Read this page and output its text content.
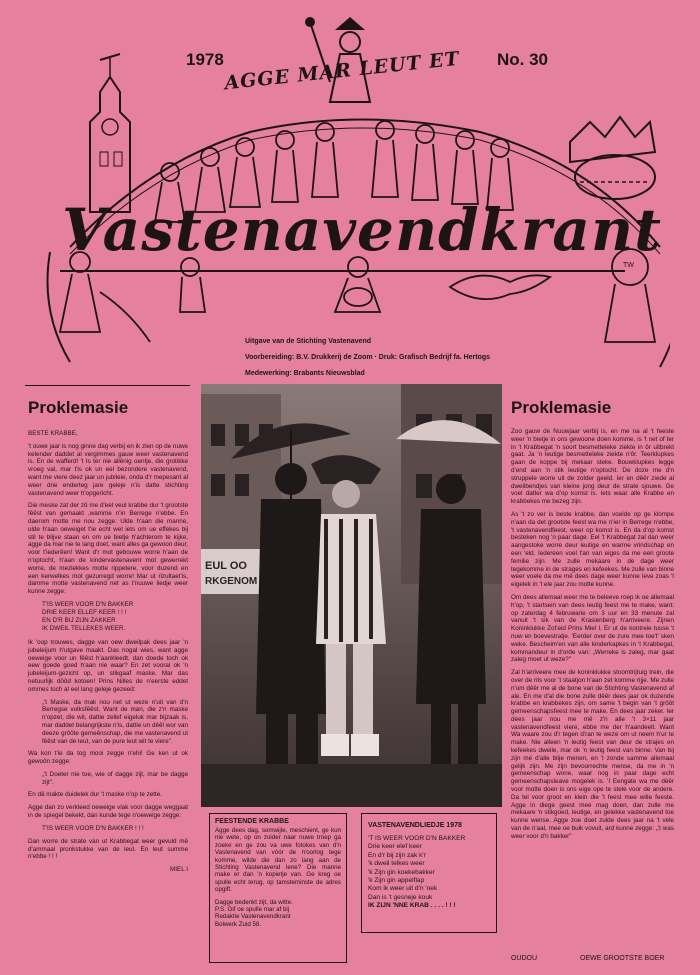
1978	No. 30
AGGE MAR LEUT ET
Vastenavendkrant
TW
Uitgave van de Stichting Vastenavend
Voorbereiding: B.V. Drukkerij de Zoom · Druk: Grafisch Bedrijf fa. Hertogs
Medewerking: Brabants Nieuwsblad
Proklemasie

BESTE KRABBE,

't ouwe jaar is nog ginne dag verbij en ik zien op de nuwe kelender daddet al vergimmes gauw weer vastenavend is. En de wafferd! 't Is ter nie allênig oentje, die grotikke vroeg val, mar t'is ok un eel bezondere vastenavend, want me viere deez jaar un jubileie, onda d'r mepesant al weer drie enderteg jare geleje n'is datte stichting vastenavend weer h'opgericht.

Die meske zat der zô me d'eel veul krabbe dur 't grootste fêêst van gemaakt ,wamme n'in Berrege n'ebbe. En daerom motte me nou zegge: Ulde h'aan die manne, ulde h'aan oeweiget t'ie echt wel iets om ue effekes bij stil te blijve staan en om ue bietje h'achterom te kijke, agge da mar nie te lang doet, want alles ga gewoon deur, voor t'iederêen! Want d'r mot gebouwe worre h'aan de n'optocht, h'aan de kindervastenavent mot gewerrekt worre, de meziekkes motte rippetere, voor duzend en een kerwelkes mot gezurregd worre! Mar ut rizultaet'is, damme motte vastenavend net as t'nuuwe liedje weer kunne zegge:

T'IS WEER VOOR D'N BAKKER

DRIE KEER ELLEF KEER ! ! !

EN D'R BIJ ZIJN ZAKKER

IK DWEIL TELLEKES WEER.

Ik 'oop trouwes, dagge van oew dweilpak dees jaar 'n jubeleijum h'utgave maakt. Das nogal wies, want agge oeweige voor un fêêst h'aankleedt, dan doede toch ok eew goede goed h'aan nie waar? En zet vooral ok 'n jubeleijum-gezicht op, un stikgaaf maske. Mar das netuurlijk dôôd kotoen! Prins Nilles de n'eerste eddet ommes toch al eel lang geleje gezeed:

„'t Maske, da mak nou net ut weze n'uit van d'n Berregse volksfêêst. Want de man, die z'n maske n'opzet, die wit, dattie zellef eigeluk mar bijzaak is, mar daddet belangrijkste n'is, dattie un dêêl wor van deeze grôôte gemeênschap, die me vastenavend ut fêêst van de leut, van de pure leut wit te viere".

Wa kon t'ie da tog mooi zegge n'ehi! Ge ken ut ok gewoôn zegge:

„'t Doeter nie toe, wie of dagge zijt, mar be dagge zijt".

En dâ makte duidelek dur 't maske n'op te zette.

Agge dan zo verkleed oeweige vlak voor dagge weggaat in de spiegel bekekt, dan kunde tege n'oeweige zegge:

T'IS WEER VOOR D'N BAKKER ! ! !

Dan worre de strate van ut Krabbegat weer gevuld mê d'ammaal pronkstukke van de leut. En leut summe n'ebbe ! ! !

MIEL I
EUL OO
RKGENOM
FEESTENDE KRABBE

Agge dees dag, somwijle, meschient, ge kun nie wete, op on zoider naar nuwe troep ga zoeke en ge zou va uwe fotokes van d'n Vastenavend van vóór de n'oorlog tege komme, wilde die dan zo lang aan de Stichting Vastenavend lene? Die manne make er dan 'n kopietje van. Ge kreg oe spulle echt terug, op tamsteminste de adres opgift.

Dagge bedenkt zijt, da witte.
P.S. Gif oe spulle mar af bij
Redaktie Vastenavendkrant
Bolwerk Zuid 58.
VASTENAVENDLIEDJE 1978

'T IS WEER VOOR D'N BAKKER

Drie keer elef keer

En d'r bij zijn zak k'r

'k dweil telkes weer

'k Zijn gin koekebakker

'k Zijn gin appelflap

Kom ik weer uit d'n 'oek

Dan is 't gesneje kouk

IK ZIJN 'NNE KRAB . . . . ! ! !

OUDOU
Proklemasie

Zoo gauw de Nuuwjaar verbij is, en me na al 't feeste weer 'n bietje in ons gewoone doen komme, is 't net of ter in 't Krabbegat 'n soort besmetteleke ziekte in ôr uitbrekt gaat. Ja 'n leutige besmetteleke ziekte n'ôr. Teerklupkes gaan de koppe bij mekaar steke. Bouwklupkes legge d'end aan 'n stik leutige n'optocht. De doze me d'n struppele worre uit de zolder geeld. Ier en dêêr ziede al dweilbendjes van kleine jong deur de strate sjouwe. Ge voel datter wa d'op komst is. Iets waar alle Krabbe en krabbekes me bezeg zijn.

As 't zo ver is beste krabbe, dan voelde op ge klompe n'aan da det grootste feest wa me n'ier in Berrege n'ebbe, 't vastenavendfeest, weer op komst is. En da d'op komst besteken nog 'n paar dage. Eel 't Krabbegat zal dan weer aangestoke worre deur leutige en warme vrindschap en een 'eld. Iedereen voel t'an van eiges da me een groote femilie zijn. Me zulle mekaare in de dage weer tegekomme in de strages en kefeekes. Me zulle van binne weer voele da me mê dees dage weer kunne leve zoas 't eigelek in 't ele jaar zou motte kunne.

Om dees allemaal weer me te beleeve roep ik oe allemaal h'op, 't startsein van dees leutig feest me te make, want: op zaterdag 4 februwarie om 3 uur en 33 menute zal vanuit 't sik van de Krasienberg h'arriveere. Zijnen Koninklukke Zot'eid Prins Miel I. Er ut de kontreie tusse 't nuw en boevestratje. 'Eerder over de zure mee toe't' sken weke. Bescheim'en van alle kinderkapkes in 't Krabbegat, kommandeur in d'orde van: „Werreke is zaleg, mar gaat zaleg moet ut weze?"

Zal h'arriveere mee de koninklukke stoomtrijtuig trein, die over de rils voor 't staatjon h'aan zet komme rijje. Me zulle n'um dêêr me al de bone van de Stichting Vastenavend af ale. En me d'al die bone zulle dêêr dees jaar ok duzende krabbe en krabbekes zijn, om same 't begin van 't grôôt gemeenschapsfeest mee te make. En dees jaar zeker. Ier dees jaar nou me mê z'n alle 't 3×11 jaar vastenavendfeest viere, ebbe me der h'aandeelt. Want Wa waare zou d'r tegen d'ran te weze om ut neem h'ur te make. Nie alleen 'n leutig feest van deur de strajes en kefeekes dweile, mar ok 'n leutig feest van binne. Van bij zijn mé d'alle blije menen, en 'I zonde samme allemaal gelijk zijn. Me zijn bevoorrechte mense, da me in 'n gemeenschap wone, waar nog in paar dage echt gemeenschapsleave mogelek is. 'I Eengate wa me dêêr voor motte doen is ons eige ope te stele voor de andere. Da tel voor groot en klein die 't feest mee wille feeste. Agge in diege geest mee mag doen, dan zulle me mekaare 'n stikgoed, leutige, en gelekke vastenavend toe kunne wense. Agge zoe doet zulde dees jaar na 't vele van de n'aal, mee oe buik vovuit, ard kunne zegge: „'t was weer voor d'n bakker"

OEWE GROOTSTE BOER
